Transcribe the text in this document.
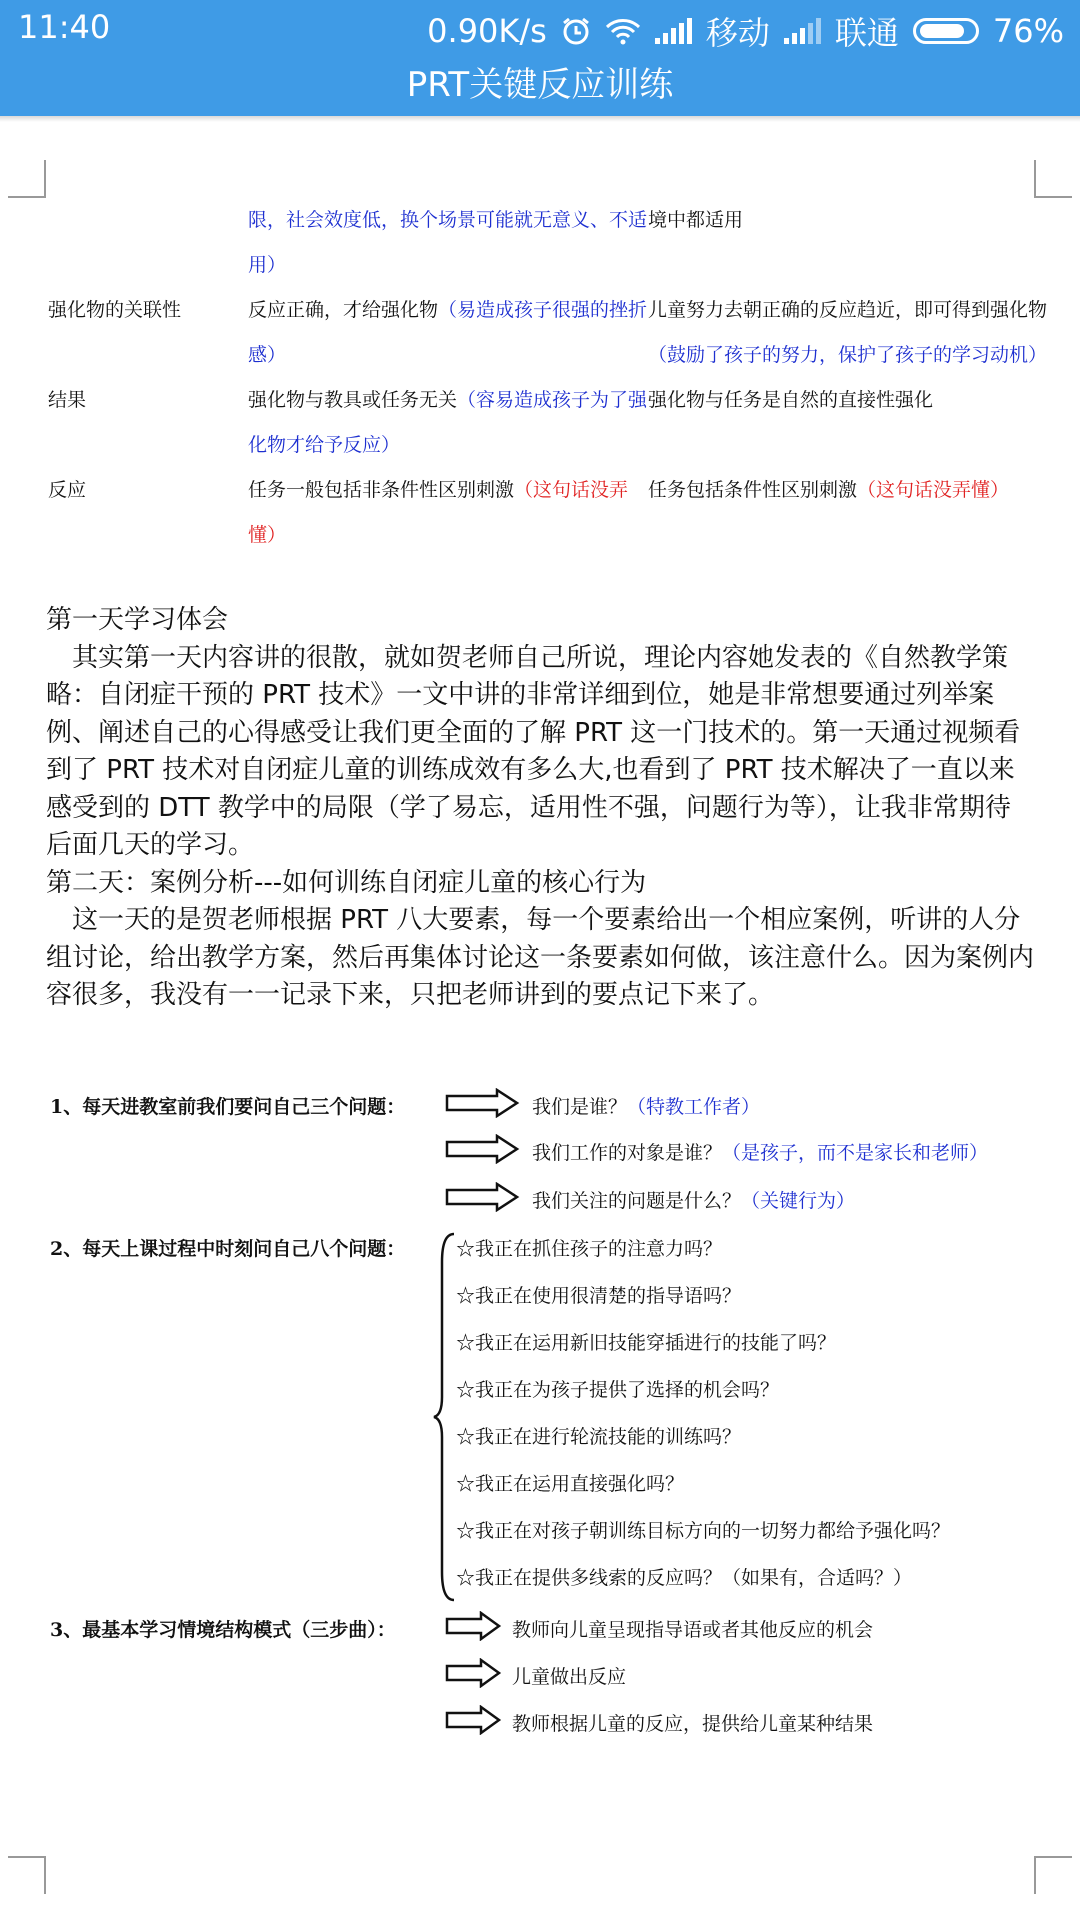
11:40	0.90K/s	移动 联通	76%
PRT关键反应训练
限，社会效度低，换个场景可能就无意义、不适用）
境中都适用
强化物的关联性	反应正确，才给强化物（易造成孩子很强的挫折感）
儿童努力去朝正确的反应趋近，即可得到强化物（鼓励了孩子的努力，保护了孩子的学习动机）
结果	强化物与教具或任务无关（容易造成孩子为了强化物才给予反应）
强化物与任务是自然的直接性强化
反应	任务一般包括非条件性区别刺激（这句话没弄懂）
任务包括条件性区别刺激（这句话没弄懂）

第一天学习体会

其实第一天内容讲的很散，就如贺老师自己所说，理论内容她发表的《自然教学策略：自闭症干预的 PRT 技术》一文中讲的非常详细到位，她是非常想要通过列举案例、阐述自己的心得感受让我们更全面的了解 PRT 这一门技术的。第一天通过视频看到了 PRT 技术对自闭症儿童的训练成效有多么大,也看到了 PRT 技术解决了一直以来感受到的 DTT 教学中的局限（学了易忘，适用性不强，问题行为等），让我非常期待后面几天的学习。

第二天：案例分析---如何训练自闭症儿童的核心行为

这一天的是贺老师根据 PRT 八大要素，每一个要素给出一个相应案例，听讲的人分组讨论，给出教学方案，然后再集体讨论这一条要素如何做，该注意什么。因为案例内容很多，我没有一一记录下来，只把老师讲到的要点记下来了。

1、每天进教室前我们要问自己三个问题：	我们是谁？（特教工作者）
我们工作的对象是谁？（是孩子，而不是家长和老师）
我们关注的问题是什么？（关键行为）
2、每天上课过程中时刻问自己八个问题：	☆我正在抓住孩子的注意力吗？
☆我正在使用很清楚的指导语吗？
☆我正在运用新旧技能穿插进行的技能了吗？
☆我正在为孩子提供了选择的机会吗？
☆我正在进行轮流技能的训练吗？
☆我正在运用直接强化吗？
☆我正在对孩子朝训练目标方向的一切努力都给予强化吗？
☆我正在提供多线索的反应吗？（如果有，合适吗？）
3、最基本学习情境结构模式（三步曲）：	教师向儿童呈现指导语或者其他反应的机会
儿童做出反应
教师根据儿童的反应，提供给儿童某种结果
